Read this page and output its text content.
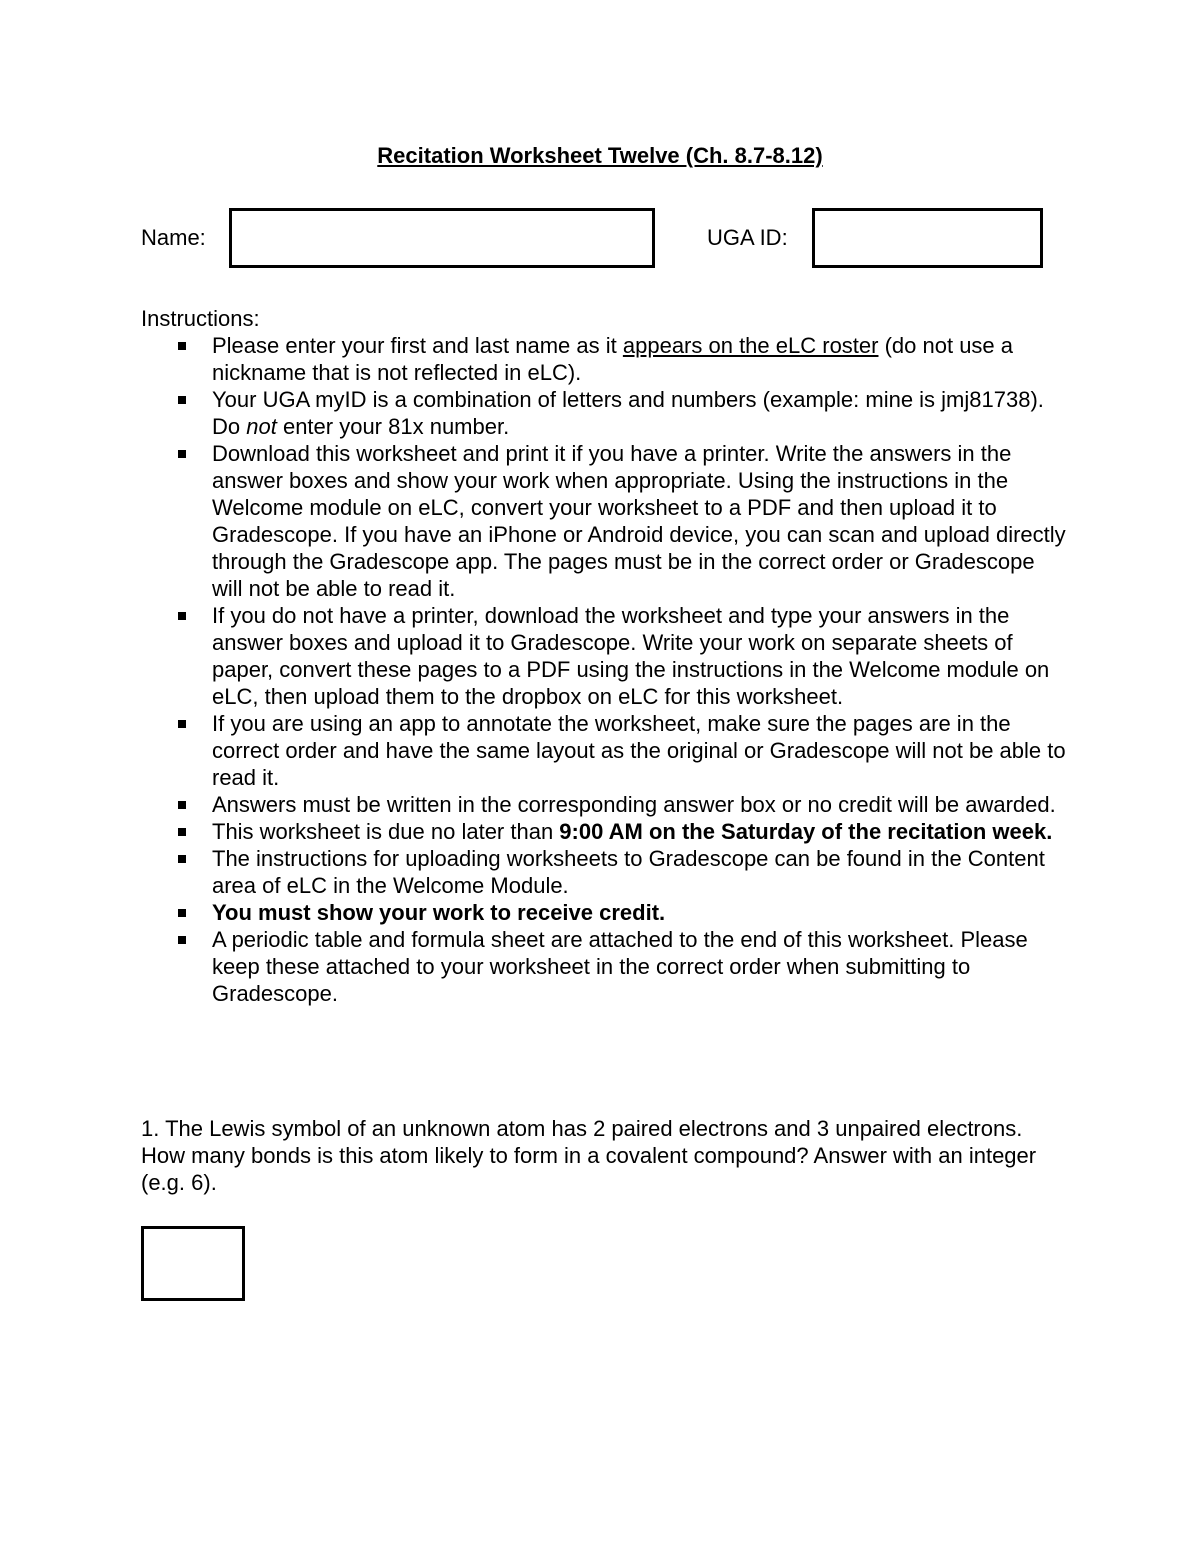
Recitation Worksheet Twelve (Ch. 8.7-8.12)
Name:	UGA ID:
Instructions:
Please enter your first and last name as it appears on the eLC roster (do not use a nickname that is not reflected in eLC).
Your UGA myID is a combination of letters and numbers (example: mine is jmj81738). Do not enter your 81x number.
Download this worksheet and print it if you have a printer. Write the answers in the answer boxes and show your work when appropriate. Using the instructions in the Welcome module on eLC, convert your worksheet to a PDF and then upload it to Gradescope. If you have an iPhone or Android device, you can scan and upload directly through the Gradescope app. The pages must be in the correct order or Gradescope will not be able to read it.
If you do not have a printer, download the worksheet and type your answers in the answer boxes and upload it to Gradescope. Write your work on separate sheets of paper, convert these pages to a PDF using the instructions in the Welcome module on eLC, then upload them to the dropbox on eLC for this worksheet.
If you are using an app to annotate the worksheet, make sure the pages are in the correct order and have the same layout as the original or Gradescope will not be able to read it.
Answers must be written in the corresponding answer box or no credit will be awarded.
This worksheet is due no later than 9:00 AM on the Saturday of the recitation week.
The instructions for uploading worksheets to Gradescope can be found in the Content area of eLC in the Welcome Module.
You must show your work to receive credit.
A periodic table and formula sheet are attached to the end of this worksheet. Please keep these attached to your worksheet in the correct order when submitting to Gradescope.
1. The Lewis symbol of an unknown atom has 2 paired electrons and 3 unpaired electrons. How many bonds is this atom likely to form in a covalent compound? Answer with an integer (e.g. 6).
